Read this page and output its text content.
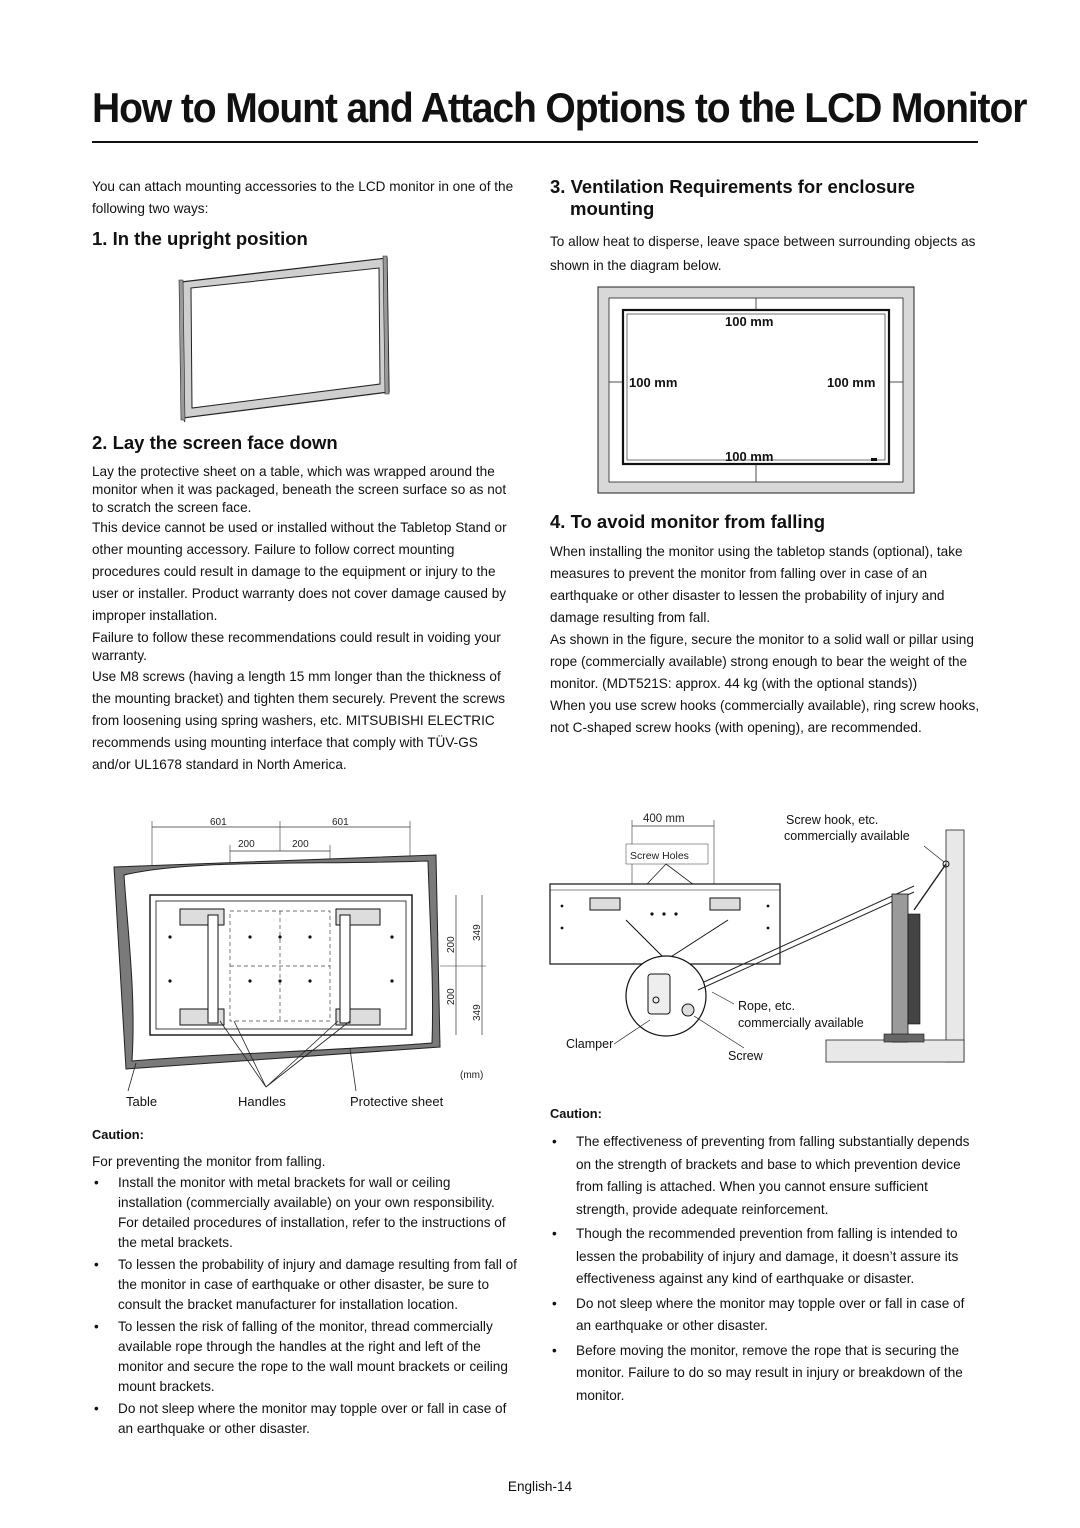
How to Mount and Attach Options to the LCD Monitor

You can attach mounting accessories to the LCD monitor in one of the following two ways:

1. In the upright position
2. Lay the screen face down

Lay the protective sheet on a table, which was wrapped around the monitor when it was packaged, beneath the screen surface so as not to scratch the screen face.

This device cannot be used or installed without the Tabletop Stand or other mounting accessory. Failure to follow correct mounting procedures could result in damage to the equipment or injury to the user or installer. Product warranty does not cover damage caused by improper installation.

Failure to follow these recommendations could result in voiding your warranty.

Use M8 screws (having a length 15 mm longer than the thickness of the mounting bracket) and tighten them securely. Prevent the screws from loosening using spring washers, etc. MITSUBISHI ELECTRIC recommends using mounting interface that comply with TÜV-GS and/or UL1678 standard in North America.

601	601
200	200
200
200
349
349
(mm)
Table	Handles	Protective sheet

Caution:

For preventing the monitor from falling.

• Install the monitor with metal brackets for wall or ceiling installation (commercially available) on your own responsibility. For detailed procedures of installation, refer to the instructions of the metal brackets.
• To lessen the probability of injury and damage resulting from fall of the monitor in case of earthquake or other disaster, be sure to consult the bracket manufacturer for installation location.
• To lessen the risk of falling of the monitor, thread commercially available rope through the handles at the right and left of the monitor and secure the rope to the wall mount brackets or ceiling mount brackets.
• Do not sleep where the monitor may topple over or fall in case of an earthquake or other disaster.
3. Ventilation Requirements for enclosure
mounting

To allow heat to disperse, leave space between surrounding objects as shown in the diagram below.

100 mm
100 mm	100 mm
100 mm
4. To avoid monitor from falling

When installing the monitor using the tabletop stands (optional), take measures to prevent the monitor from falling over in case of an earthquake or other disaster to lessen the probability of injury and damage resulting from fall.

As shown in the figure, secure the monitor to a solid wall or pillar using rope (commercially available) strong enough to bear the weight of the monitor. (MDT521S: approx. 44 kg (with the optional stands))

When you use screw hooks (commercially available), ring screw hooks, not C-shaped screw hooks (with opening), are recommended.

400 mm
Screw Holes
Screw hook, etc.
commercially available
Rope, etc.
commercially available
Clamper
Screw

Caution:

• The effectiveness of preventing from falling substantially depends on the strength of brackets and base to which prevention device from falling is attached. When you cannot ensure sufficient strength, provide adequate reinforcement.
• Though the recommended prevention from falling is intended to lessen the probability of injury and damage, it doesn’t assure its effectiveness against any kind of earthquake or disaster.
• Do not sleep where the monitor may topple over or fall in case of an earthquake or other disaster.
• Before moving the monitor, remove the rope that is securing the monitor. Failure to do so may result in injury or breakdown of the monitor.
English-14
